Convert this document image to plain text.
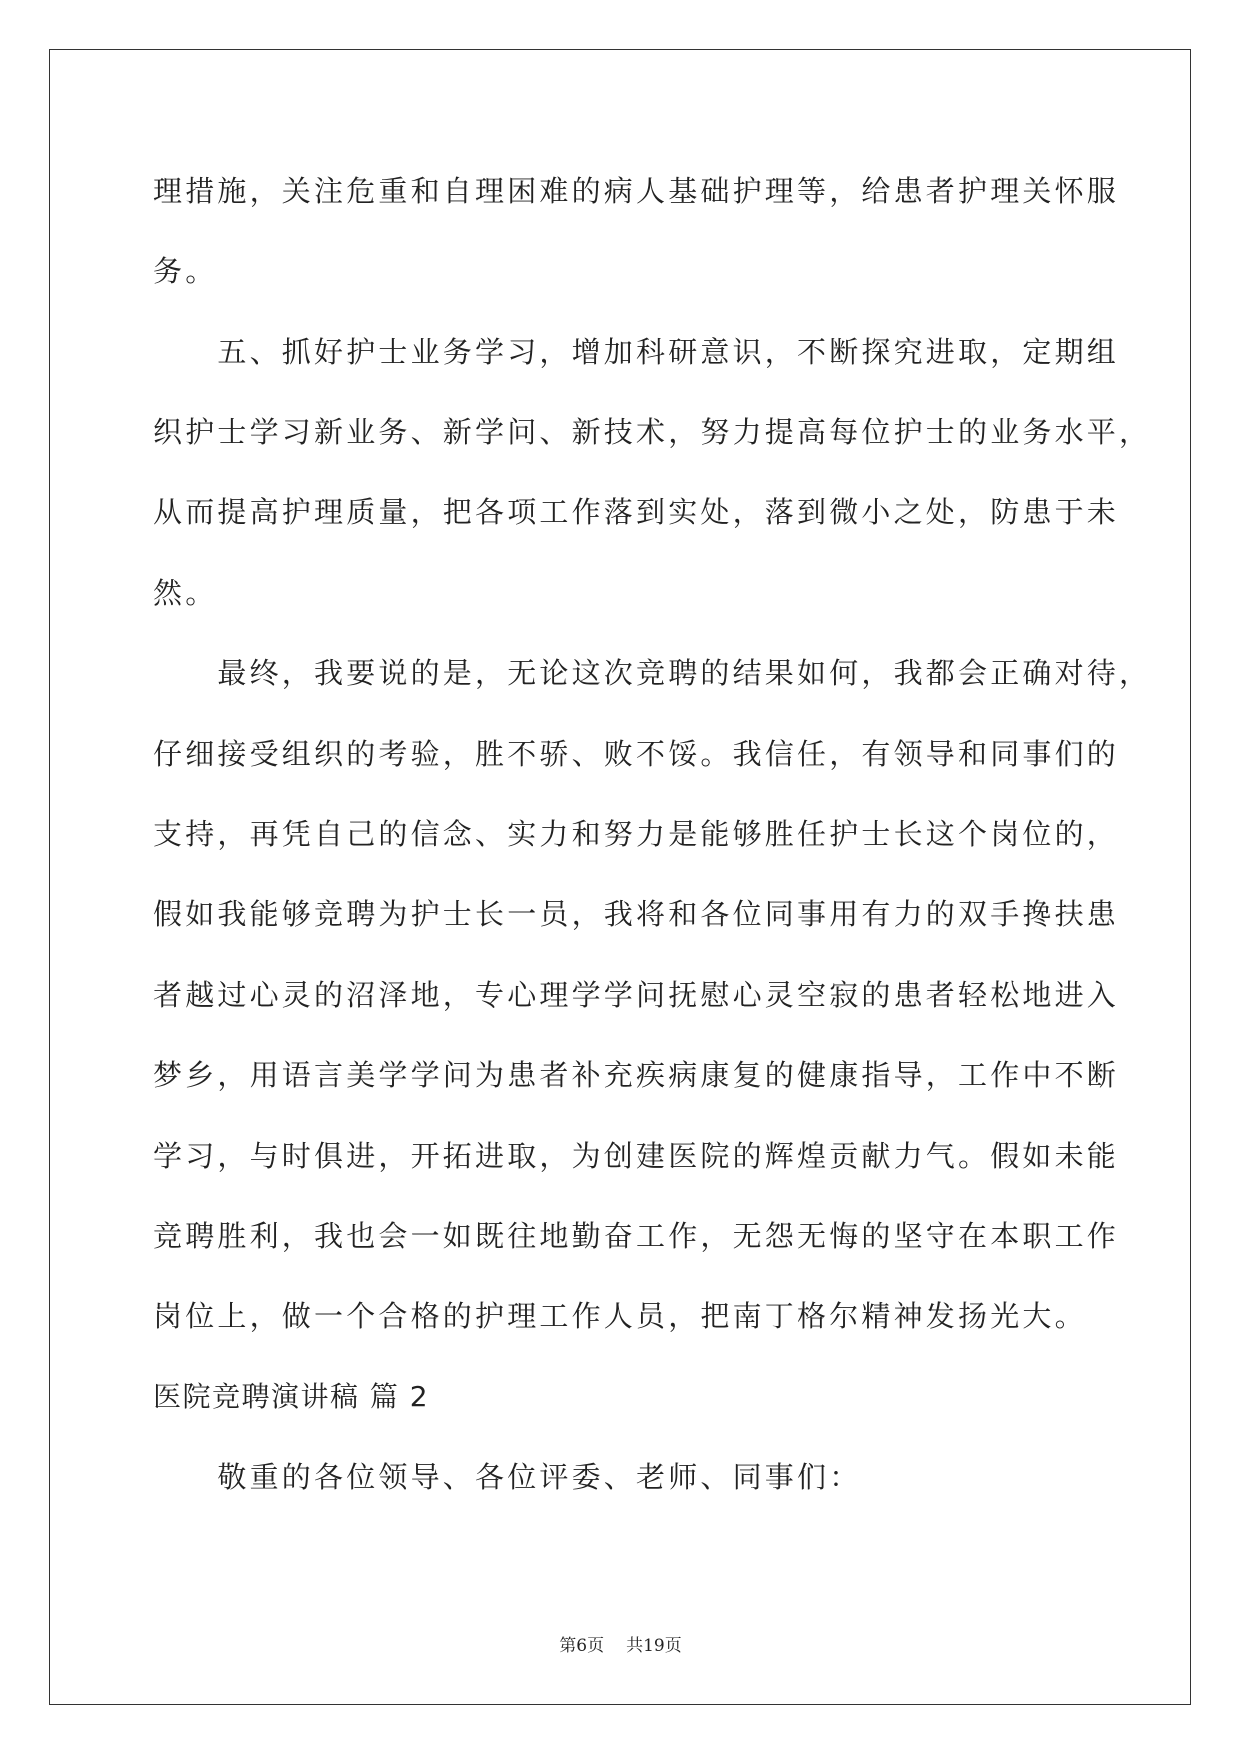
理措施，关注危重和自理困难的病人基础护理等，给患者护理关怀服
务。
　　五、抓好护士业务学习，增加科研意识，不断探究进取，定期组
织护士学习新业务、新学问、新技术，努力提高每位护士的业务水平，
从而提高护理质量，把各项工作落到实处，落到微小之处，防患于未
然。
　　最终，我要说的是，无论这次竞聘的结果如何，我都会正确对待，
仔细接受组织的考验，胜不骄、败不馁。我信任，有领导和同事们的
支持，再凭自己的信念、实力和努力是能够胜任护士长这个岗位的，
假如我能够竞聘为护士长一员，我将和各位同事用有力的双手搀扶患
者越过心灵的沼泽地，专心理学学问抚慰心灵空寂的患者轻松地进入
梦乡，用语言美学学问为患者补充疾病康复的健康指导，工作中不断
学习，与时俱进，开拓进取，为创建医院的辉煌贡献力气。假如未能
竞聘胜利，我也会一如既往地勤奋工作，无怨无悔的坚守在本职工作
岗位上，做一个合格的护理工作人员，把南丁格尔精神发扬光大。
医院竞聘演讲稿 篇 2
　　敬重的各位领导、各位评委、老师、同事们：
第6页 共19页
